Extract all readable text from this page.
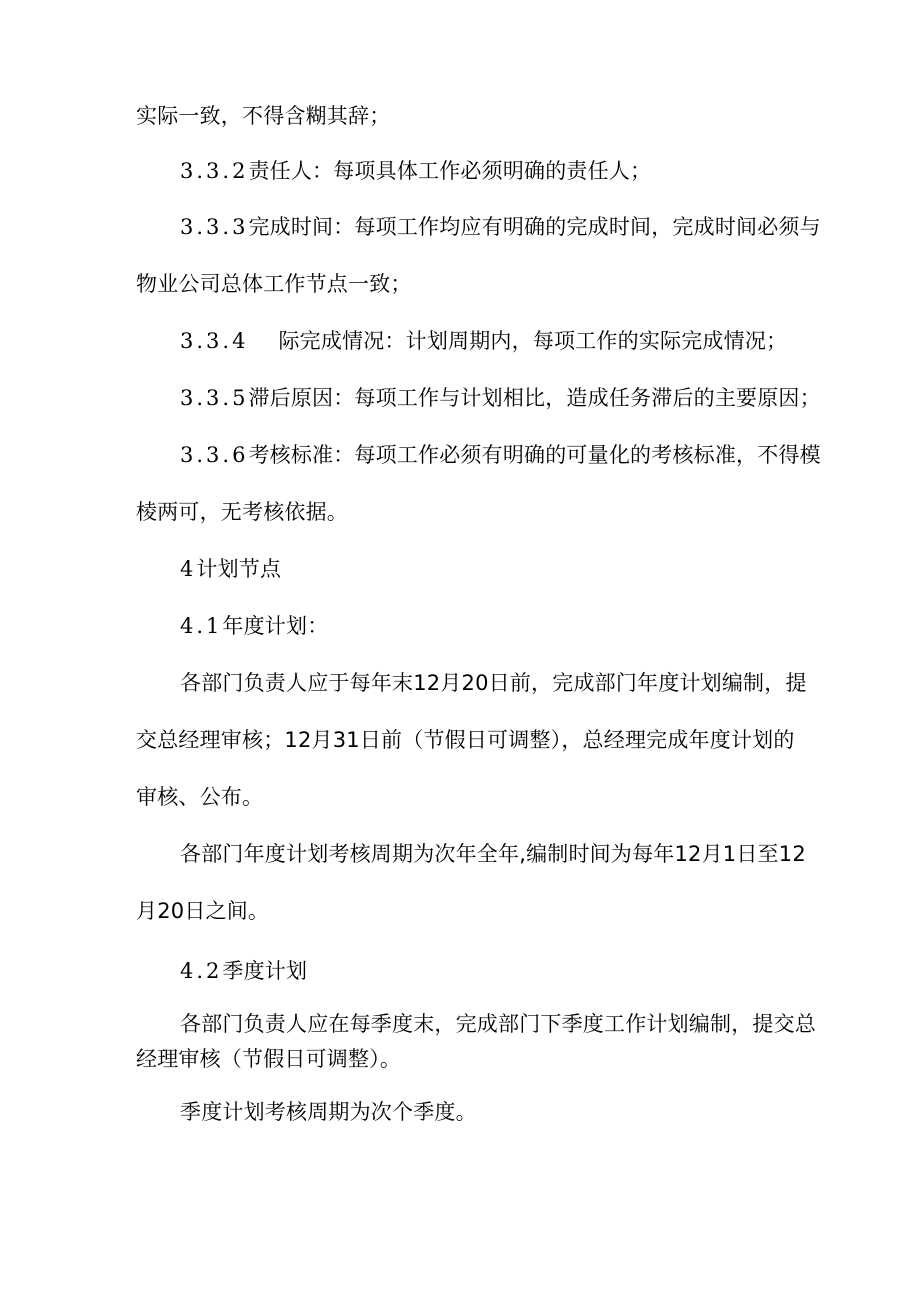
实际一致，不得含糊其辞；
3.3.2责任人：每项具体工作必须明确的责任人；
3.3.3完成时间：每项工作均应有明确的完成时间，完成时间必须与
物业公司总体工作节点一致；
3.3.4 际完成情况：计划周期内，每项工作的实际完成情况；
3.3.5滞后原因：每项工作与计划相比，造成任务滞后的主要原因；
3.3.6考核标准：每项工作必须有明确的可量化的考核标准，不得模
棱两可，无考核依据。
4计划节点
4.1年度计划：
各部门负责人应于每年末12月20日前，完成部门年度计划编制，提
交总经理审核；12月31日前（节假日可调整），总经理完成年度计划的
审核、公布。
各部门年度计划考核周期为次年全年,编制时间为每年12月1日至12
月20日之间。
4.2季度计划
各部门负责人应在每季度末，完成部门下季度工作计划编制，提交总
经理审核（节假日可调整）。
季度计划考核周期为次个季度。
